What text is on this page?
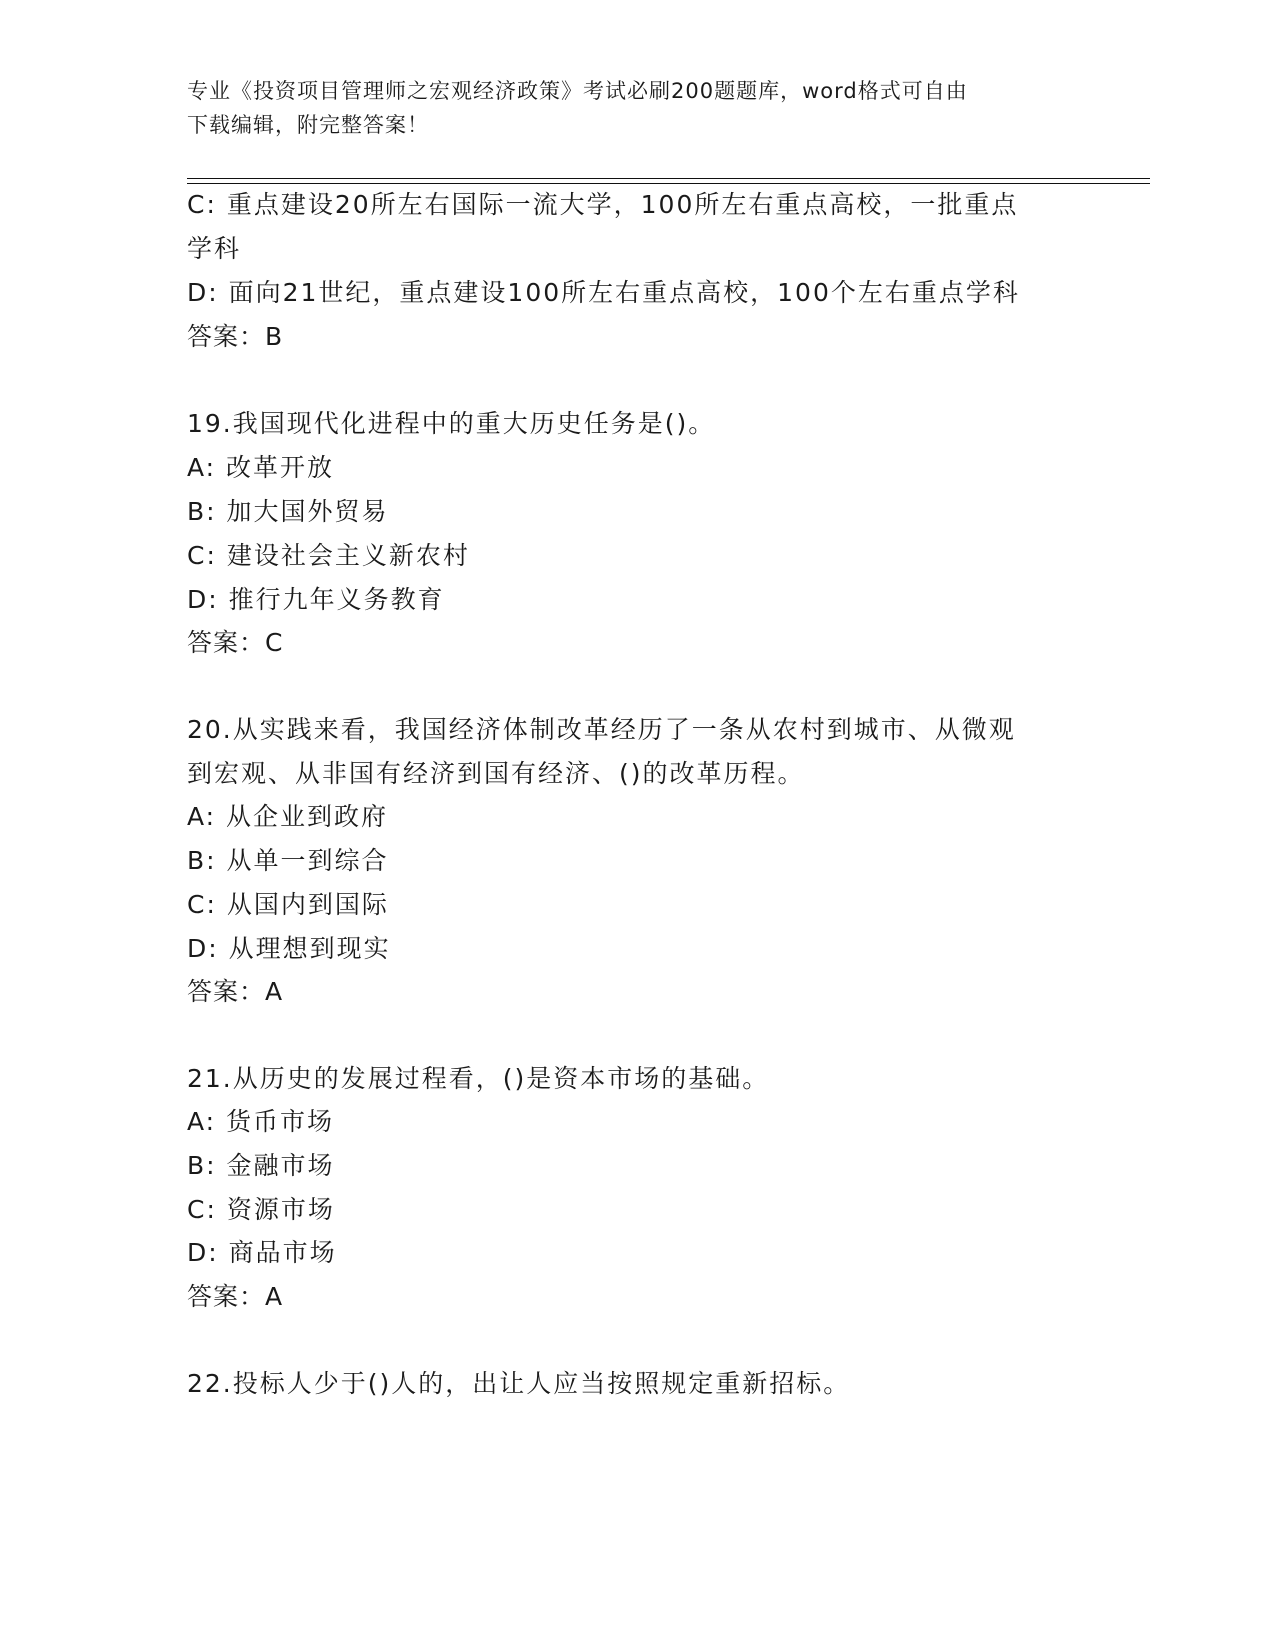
专业《投资项目管理师之宏观经济政策》考试必刷200题题库，word格式可自由
下载编辑，附完整答案！
C: 重点建设20所左右国际一流大学，100所左右重点高校，一批重点
学科
D: 面向21世纪，重点建设100所左右重点高校，100个左右重点学科
答案：B
19.我国现代化进程中的重大历史任务是()。
A: 改革开放
B: 加大国外贸易
C: 建设社会主义新农村
D: 推行九年义务教育
答案：C
20.从实践来看，我国经济体制改革经历了一条从农村到城市、从微观
到宏观、从非国有经济到国有经济、()的改革历程。
A: 从企业到政府
B: 从单一到综合
C: 从国内到国际
D: 从理想到现实
答案：A
21.从历史的发展过程看，()是资本市场的基础。
A: 货币市场
B: 金融市场
C: 资源市场
D: 商品市场
答案：A
22.投标人少于()人的，出让人应当按照规定重新招标。
